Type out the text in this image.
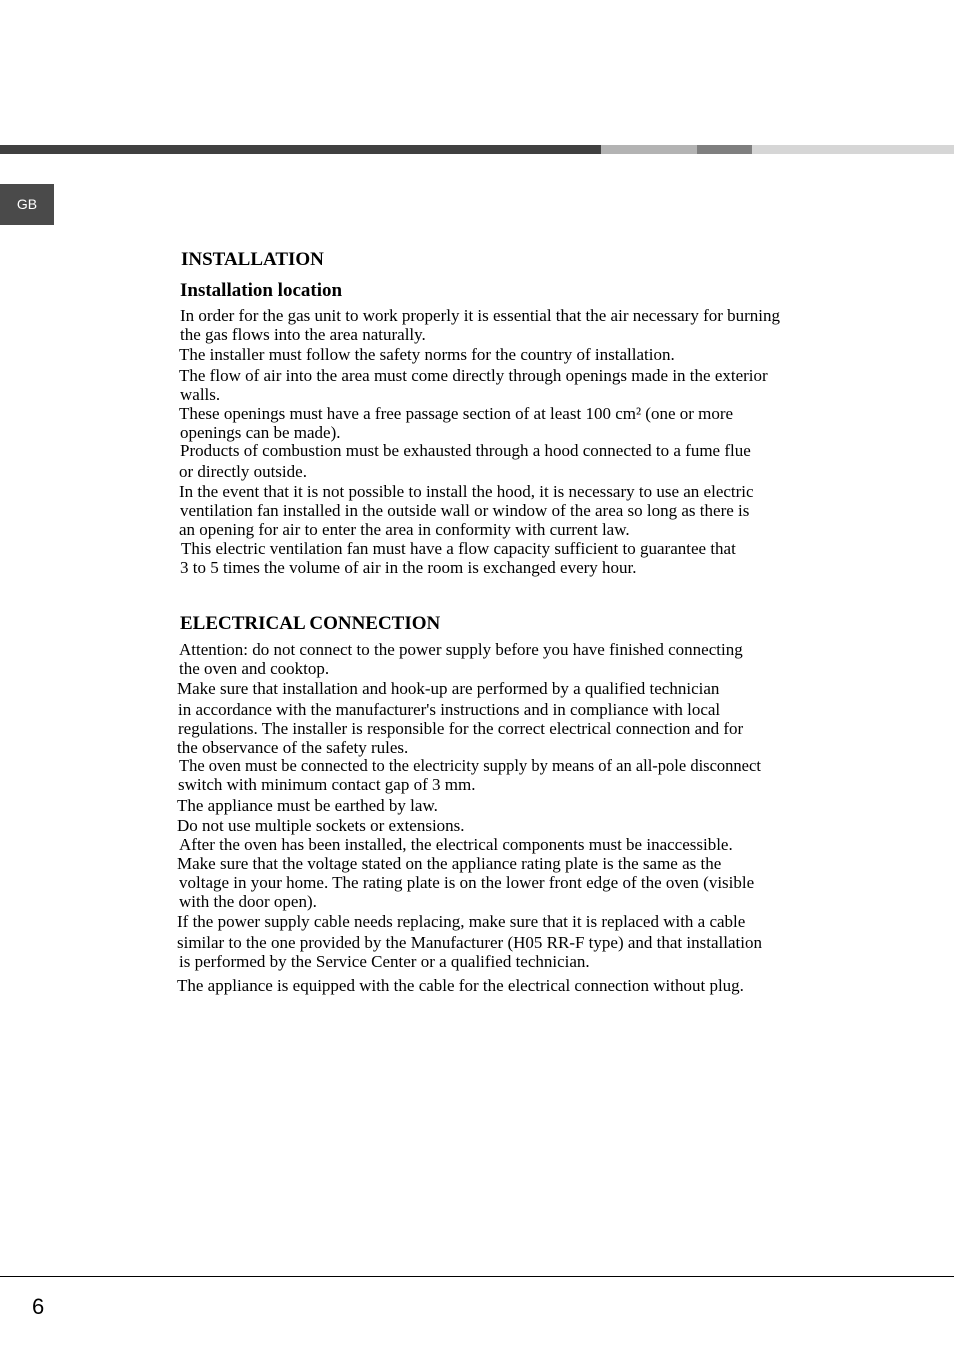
GB
INSTALLATION
Installation location
In order for the gas unit to work properly it is essential that the air necessary for burning
the gas flows into the area naturally.
The installer must follow the safety norms for the country of installation.
The flow of air into the area must come directly through openings made in the exterior
walls.
These openings must have a free passage section of at least 100 cm² (one or more
openings can be made).
Products of combustion must be exhausted through a hood connected to a fume flue
or directly outside.
In the event that it is not possible to install the hood, it is necessary to use an electric
ventilation fan installed in the outside wall or window of the area so long as there is
an opening for air to enter the area in conformity with current law.
This electric ventilation fan must have a flow capacity sufficient to guarantee that
3 to 5 times the volume of air in the room is exchanged every hour.
ELECTRICAL CONNECTION
Attention: do not connect to the power supply before you have finished connecting
the oven and cooktop.
Make sure that installation and hook-up are performed by a qualified technician
in accordance with the manufacturer's instructions and in compliance with local
regulations. The installer is responsible for the correct electrical connection and for
the observance of the safety rules.
The oven must be connected to the electricity supply by means of an all-pole disconnect
switch with minimum contact gap of 3 mm.
The appliance must be earthed by law.
Do not use multiple sockets or extensions.
After the oven has been installed, the electrical components must be inaccessible.
Make sure that the voltage stated on the appliance rating plate is the same as the
voltage in your home. The rating plate is on the lower front edge of the oven (visible
with the door open).
If the power supply cable needs replacing, make sure that it is replaced with a cable
similar to the one provided by the Manufacturer (H05 RR-F type) and that installation
is performed by the Service Center or a qualified technician.
The appliance is equipped with the cable for the electrical connection without plug.
6
